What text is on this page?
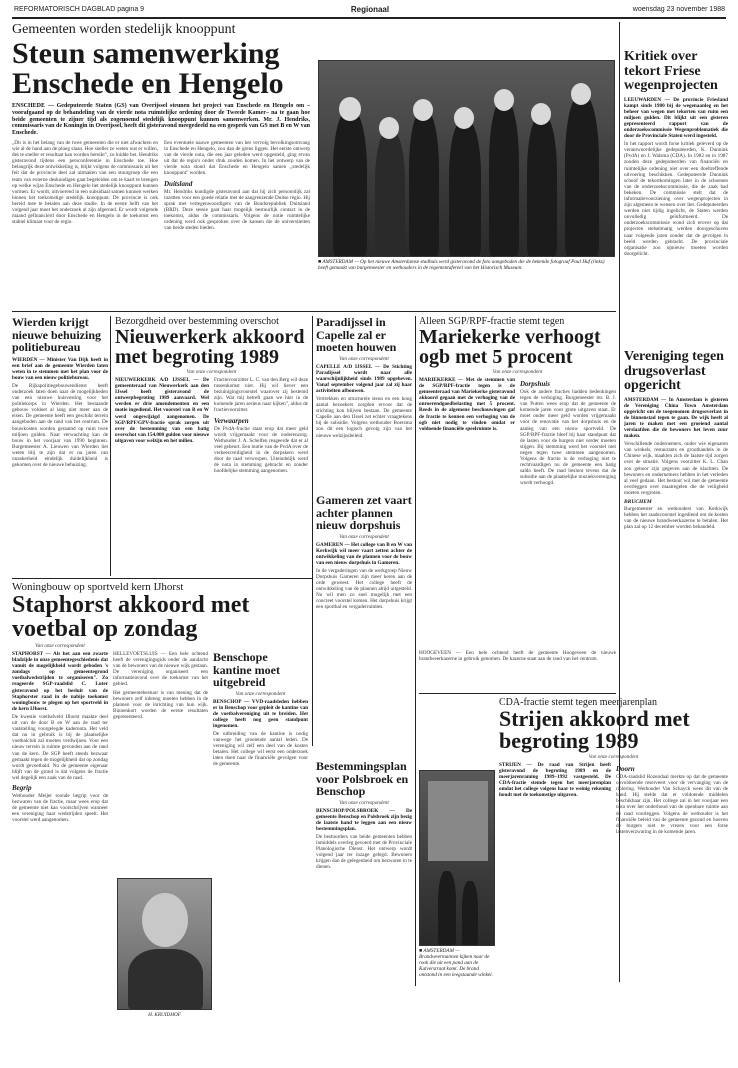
REFORMATORISCH DAGBLAD pagina 9	Regionaal	woensdag 23 november 1988
Gemeenten worden stedelijk knooppunt
Steun samenwerking Enschede en Hengelo
ENSCHEDE — Gedeputeerde Staten (GS) van Overijssel steunen het project van Enschede en Hengelo om –voorafgaand op de behandeling van de vierde nota ruimtelijke ordening door de Tweede Kamer– na te gaan hoe beide gemeenten te zijner tijd als zogenoemd stedelijk knooppunt kunnen samenwerken. Mr. J. Hendriks, commissaris van de Koningin in Overijssel, heeft dit gisteravond meegedeeld na een gesprek van GS met B en W van Enschede.
„Dit is in het belang van de twee gemeenten die er niet afwachten en wie al de hand aan de ploeg slaan. Hoe sneller ze weten wat er willen, des te sneller er resultaat kan worden bereikt", zo luidde het. Hendriks gisteravond tijdens een persconferentie in Enschede toe. Hoe belangrijk deze ontwikkeling is, blijkt volgens de commissaris uit het feit dat de provincie deel zal uitmaken van een stuurgroep die een team van externe deskundigen gaat begeleiden om te kaart te brengen op welke wijze Enschede en Hengelo het stedelijk knooppunt kunnen vormen. Er wordt, uitvoerend in een subsidiaal samen kunnen werken binnen het toekomstige stedelijk knooppunt. De provincie is ook bereid mee te betalen aan deze studie. In de eerste helft van het volgend jaar moet het onderzoek al zijn afgerond. Er wordt volgende maand gefinancierd door Enschede en Hengelo in de toekomst een stabiel klimaat voor de regio.
Een eventuele nauwe gemeenten van het vervolg bevolkingsomvang in Enschede en Hengelo, zou dan de grens liggen. Het eerste ontwerp van de vierde nota, die een jaar geleden werd opgesteld, ging ervan uit dat de regio's onder druk zouden komen. In het ontwerp van de vierde nota stond dat Enschede en Hengelo samen „stedelijk knooppunt" worden.
Duitsland
Mr. Hendriks kondigde gisteravond aan dat hij zich persoonlijk zal inzetten voor een goede relatie met de aangrenzende Duitse regio. Hij sprak met vertegenwoordigers van de Bondsrepubliek Duitsland (BRD). Deze sessie gaat haar mogelijk bestuurlijk contact in de toekomst, aldus de commissaris. Volgens de notie ruimtelijke ordening werd ook gesproken over de kansen die de universiteiten van beide steden bieden.
■ AMSTERDAM — Op het nieuwe Amsterdamse stadhuis werd gisteravond de foto aangeboden die de bekende fotograaf Paul Huf (links) heeft gemaakt van burgemeester en wethouders in de regententafereel van het Historisch Museum.
Kritiek over tekort Friese wegenprojecten
LEEUWARDEN — De provincie Friesland kampt sinds 1980 bij de wegenaanleg en het beheer van wegen met tekorten van ruim een miljoen gulden. Dit blijkt uit een gisteren gepresenteerd rapport van de onderzoekscommissie Wegenproblematiek die door de Provinciale Staten werd ingesteld.
In het rapport wordt forse kritiek geleverd op de verantwoordelijke gedeputeerden, K. Dunnink (PvdA) en J. Walsma (CDA). In 1982 en in 1987 zouden deze gedeputeerden van financiën en ruimtelijke ordening niet over een doeltreffende uitvoering beschikken. Gedeputeerde Dunnink schoof de tekortkomingen later in de schoenen van de onderzoekscommissie, die de zaak had bekeken. De commissie stelt dat de informatievoorziening over wegenprojecten in zijn algemeen te wensen over liet. Gedeputeerden werden niet tijdig ingelicht, de Staten werden onvolledig geïnformeerd. De onderzoekscommissie wond zich erover op dat projecten stelselmatig werden doorgeschoven naar volgende jaren zonder dat de gevolgen in beeld werden gebracht. De provinciale organisatie zou opnieuw moeten worden doorgelicht.
Vereniging tegen drugsoverlast opgericht
AMSTERDAM — In Amsterdam is gisteren de Vereniging China Town Amsterdam opgericht om de toegenomen drugsoverlast in de binnenstad tegen te gaan. De wijk heeft al jaren te maken met een groeiend aantal verslaafden die de bewoners het leven zuur maken.
Verschillende ondernemers, onder wie eigenaren van winkels, restaurants en groothandels in de Chinese wijk, maakten zich de laatste tijd zorgen over de situatie. Volgens voorzitter K. L. Chan zou gehoor zijn gegeven aan de klachten. De bewoners en ondernemers hebben in het verleden al veel gedaan. Het bestuur wil met de gemeente overleggen over maatregelen die de veiligheid moeten vergroten.
BRUCHEM
Burgemeester en wethouders van Kerkwijk hebben het raadsvoorstel ingediend om de kosten van de nieuwe brandweerkazerne te betalen. Het plan zal op 12 december worden behandeld.
Wierden krijgt nieuwe behuizing politiebureau
WIERDEN — Minister Van Dijk heeft in een brief aan de gemeente Wierden laten weten in te stemmen met het plan voor de bouw van een nieuw politiebureau.
De Rijkspolitiegebouwendienst heeft onderzoek laten doen naar de mogelijkheden van een nieuwe huisvesting voor het politiekorps in Wierden. Het bestaande gebouw voldoet al lang niet meer aan de eisen. De gemeente heeft een geschikt terrein aangeboden aan de rand van het centrum. De bouwkosten worden geraamd op ruim twee miljoen gulden. Naar verwachting kan de bouw in het voorjaar van 1990 beginnen. Burgemeester A. Lieuwen van Wierden liet weten blij te zijn dat er na jaren van onzekerheid eindelijk duidelijkheid is gekomen over de nieuwe behuizing.
Bezorgdheid over bestemming overschot
Nieuwerkerk akkoord met begroting 1989
Van onze correspondent
NIEUWERKERK A/D IJSSEL — De gemeenteraad van Nieuwerkerk aan den IJssel heeft gisteravond de ontwerpbegroting 1989 aanvaard. Wel werden er drie amendementen en een motie ingediend. Het voorstel van B en W werd ongewijzigd aangenomen. De SGP/RPF/GPV-fractie sprak zorgen uit over de bestemming van een batig overschot van 154.000 gulden voor nieuwe uitgaven voor welzijn en het milieu.
Fractievoorzitter L. C. van den Berg wil deze tussenkomst niet. Hij wil liever een bezuinigingsvoorstel waarover zij bestemd zijn. Wat mij betreft gaan we hier in de komende jaren serieus naar kijken", aldus de fractievoorzitter.
Verwaarpen
De PvdA-fractie staat erop dat meer geld wordt vrijgemaakt voor de ouderenzorg. Wethouder J. A. Schelfen reageerde dat er al veel gebeurt. Een motie van de PvdA over de verkeersveiligheid in de dorpskern werd door de raad verworpen. Uiteindelijk werd de nota in stemming gebracht en zonder hoofdelijke stemming aangenomen.
Paradijssel in Capelle zal er moeten houwen
Van onze correspondent
CAPELLE A/D IJSSEL — De Stichting Paradijssel wordt naar alle waarschijnlijkheid sinds 1989 opgeheven. Vanaf september volgend jaar zal zij haar activiteiten afbouwen.
Vertrekken en structurele steun en een hoog aantal bezoekers zorgden ervoor dat de stichting kon blijven bestaan. De gemeente Capelle aan den IJssel zet echter vraagtekens bij de subsidie. Volgens wethouder Boersma zou dit een logisch gevolg zijn van het nieuwe welzijnsbeleid.
Gameren zet vaart achter plannen nieuw dorpshuis
Van onze correspondent
GAMEREN — Het college van B en W van Kerkwijk wil meer vaart zetten achter de ontwikkeling van de plannen voor de bouw van een nieuw dorpshuis in Gameren.
In de vergaderingen van de werkgroep Nieuw Dorpshuis Gameren zijn meer keren aan de orde geweest. Het college heeft de ontwikkeling van de plannen altijd uitgesteld. Nu wil men zo snel mogelijk met een concreet voorstel komen. Het dorpshuis krijgt een sporthal en vergaderruimtes.
Bestemmingsplan voor Polsbroek en Benschop
Van onze correspondent
BENSCHOP/POLSBROEK — De gemeente Benschop en Polsbroek zijn bezig de laatste hand te leggen aan een nieuw bestemmingsplan.
De bestuurders van beide gemeenten hebben inmiddels overleg gevoerd met de Provinciale Planologische Dienst. Het ontwerp wordt volgend jaar ter inzage gelegd. Bewoners krijgen dan de gelegenheid om bezwaren in te dienen.
Alleen SGP/RPF-fractie stemt tegen
Mariekerke verhoogt ogb met 5 procent
Van onze correspondent
MARIEKERKE — Met de stemmen van de SGP/RPF-fractie tegen is de gemeenteraad van Mariekerke gisteravond akkoord gegaan met de verhoging van de onroerendgoedbelasting met 5 procent. Reeds in de algemene beschouwingen gaf de fractie te kennen een verhoging van de ogb niet nodig te vinden omdat er voldoende financiële speelruimte is.
Dorpshuis
Ook de andere fracties hadden bedenkingen tegen de verhoging. Burgemeester mr. B. J. van Putten wees erop dat de gemeente de komende jaren voor grote uitgaven staat. Er moet onder meer geld worden vrijgemaakt voor de renovatie van het dorpshuis en de aanleg van een nieuw sportveld. De SGP/RPF-fractie bleef bij haar standpunt dat de lasten voor de burgers niet verder moeten stijgen. Bij stemming werd het voorstel met negen tegen twee stemmen aangenomen. Volgens de fractie is de verhoging niet te rechtvaardigen nu de gemeente een batig saldo heeft. De raad besloot tevens dat de subsidie aan de plaatselijke muziekvereniging wordt verhoogd.
Woningbouw op sportveld kern IJhorst
Staphorst akkoord met voetbal op zondag
Van onze correspondent
STAPHORST — Als het aan een zwarte bladzijde in onze gemeentegeschiedenis dat vanuit de mogelijkheid wordt geboden 's zondags op gemeentegrond voetbalwedstrijden te organiseren". Zo reageerde SGP-raadslid C. Luter gisteravond op het besluit van de Staphorster raad in de nabije toekomst woningbouw te plegen op het sportveld in de kern IJhorst.
De kwestie voetbalveld IJhorst maakte deel uit van de door B en W aan de raad ter vaststelling voorgelegde kadernota. Het veld dat nu in gebruik is bij de plaatselijke voetbalclub zal moeten verdwijnen. Voor een nieuw terrein is ruimte gevonden aan de rand van de kern. De SGP heeft steeds bezwaar gemaakt tegen de mogelijkheid dat op zondag wordt gevoetbald. Nu de gemeente eigenaar blijft van de grond is dat volgens de fractie wel degelijk een zaak van de raad.
Begrip
Wethouder Meijer toonde begrip voor de bezwaren van de fractie, maar wees erop dat de gemeente niet kan voorschrijven wanneer een vereniging haar wedstrijden speelt. Het voorstel werd aangenomen.
HELLEVOETSLUIS — Een hele ochtend heeft de verenigingsgids onder de aandacht van de bewoners van de nieuwe wijk gestaan. De vereniging organiseert een informatieavond over de toekomst van het gebied.
Het gemeentebestuur is van mening dat de bewoners zelf inbreng moeten hebben in de plannen voor de inrichting van hun wijk. Binnenkort worden de eerste resultaten gepresenteerd.
Benschope kantine moet uitgebreid
Van onze correspondent
BENSCHOP — VVD-raadsleden hebben er in Benschop voor gepleit de kantine van de voetbalvereniging uit te breiden. Het college heeft nog geen standpunt ingenomen.
De uitbreiding van de kantine is nodig vanwege het groeiende aantal leden. De vereniging wil zelf een deel van de kosten betalen. Het college wil eerst een onderzoek laten doen naar de financiële gevolgen voor de gemeente.
H. KRUIDHOF
■ AMSTERDAM — Brandweermannen kijken naar de rook die uit een pand aan de Kalverstraat komt. De brand ontstond in een leegstaande winkel.
HOOGEVEEN — Een hele ochtend heeft de gemeente Hoogeveen de nieuwe brandweerkazerne in gebruik genomen. De kazerne staat aan de rand van het centrum.
CDA-fractie stemt tegen meerjarenplan
Strijen akkoord met begroting 1989
Van onze correspondent
STRIJEN — De raad van Strijen heeft gisteravond de begroting 1989 en de meerjarenraming 1989–1992 vastgesteld. De CDA-fractie stemde tegen het meerjarenplan omdat het college volgens haar te weinig rekening houdt met de toekomstige uitgaven.
Doorn
CDA-raadslid Rozendaal merkte op dat de gemeente onvoldoende reserveert voor de vervanging van de riolering. Wethouder Van Schayck wees dit van de hand. Hij stelde dat er voldoende middelen beschikbaar zijn. Het college zal in het voorjaar een nota over het onderhoud van de openbare ruimte aan de raad voorleggen. Volgens de wethouder is het financiële beleid van de gemeente gezond en hoeven de burgers niet te vrezen voor een forse lastenverzwaring in de komende jaren.
